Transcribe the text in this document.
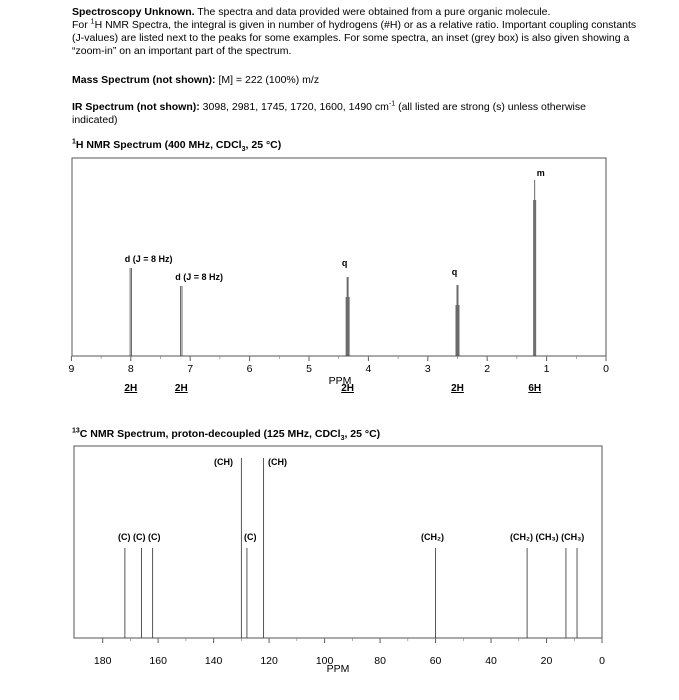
Spectroscopy Unknown. The spectra and data provided were obtained from a pure organic molecule.
For $^1$H NMR Spectra, the integral is given in number of hydrogens (#H) or as a relative ratio. Important coupling constants
(J-values) are listed next to the peaks for some examples. For some spectra, an inset (grey box) is also given showing a
“zoom-in” on an important part of the spectrum.
Mass Spectrum (not shown): [M] = 222 (100%) m/z
IR Spectrum (not shown): 3098, 2981, 1745, 1720, 1600, 1490 $cm^{-1}$ (all listed are strong (s) unless otherwise
indicated)
$^1$H NMR Spectrum (400 MHz, CDCl$_3$, 25 °C)
$^{13}$C NMR Spectrum, proton-decoupled (125 MHz, CDCl$_3$, 25 °C)
9	8	7	6	5	4	3	2	1	0
d (J = 8 Hz)
2H
d (J = 8 Hz)
2H
q
2H
q
2H
m
6H
PPM
180	160	140	120	100	80	60	40	20	0
(C) (C) (C)
(CH)
(C)
(CH)
(CH₂)	(CH₂) (CH₃) (CH₃)
PPM
